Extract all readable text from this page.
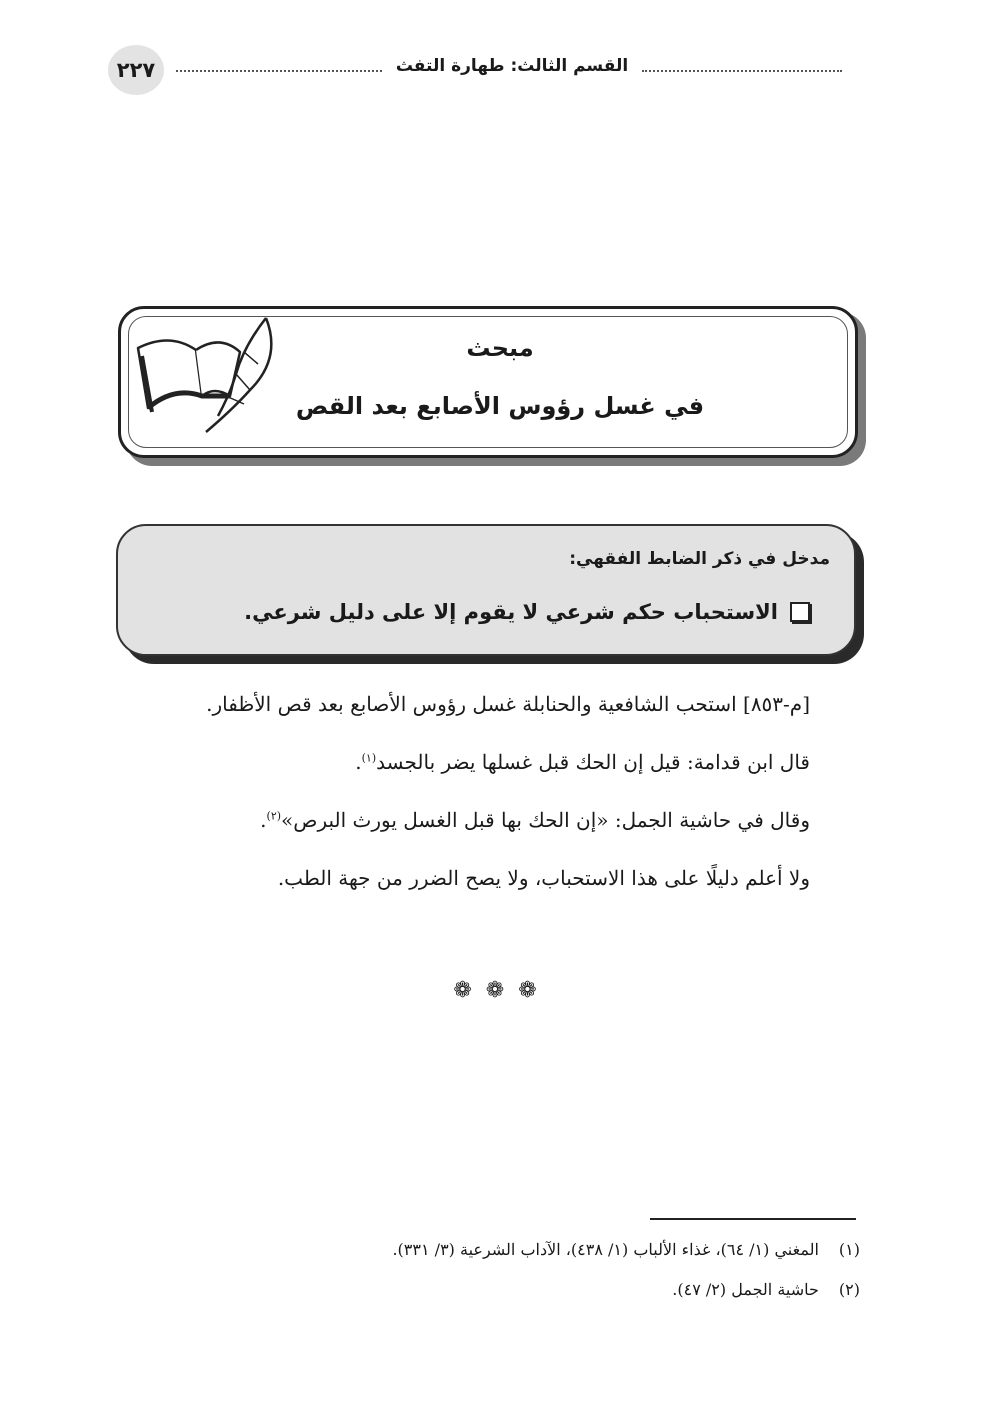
٢٢٧	القسم الثالث: طهارة التفث
مبحث
في غسل رؤوس الأصابع بعد القص
مدخل في ذكر الضابط الفقهي:
الاستحباب حكم شرعي لا يقوم إلا على دليل شرعي.
[م-٨٥٣] استحب الشافعية والحنابلة غسل رؤوس الأصابع بعد قص الأظفار.
قال ابن قدامة: قيل إن الحك قبل غسلها يضر بالجسد$^{(١)}$.
وقال في حاشية الجمل: «إن الحك بها قبل الغسل يورث البرص»$^{(٢)}$.
ولا أعلم دليلًا على هذا الاستحباب، ولا يصح الضرر من جهة الطب.
❁❁❁
(١) المغني (١/ ٦٤)، غذاء الألباب (١/ ٤٣٨)، الآداب الشرعية (٣/ ٣٣١).
(٢) حاشية الجمل (٢/ ٤٧).
